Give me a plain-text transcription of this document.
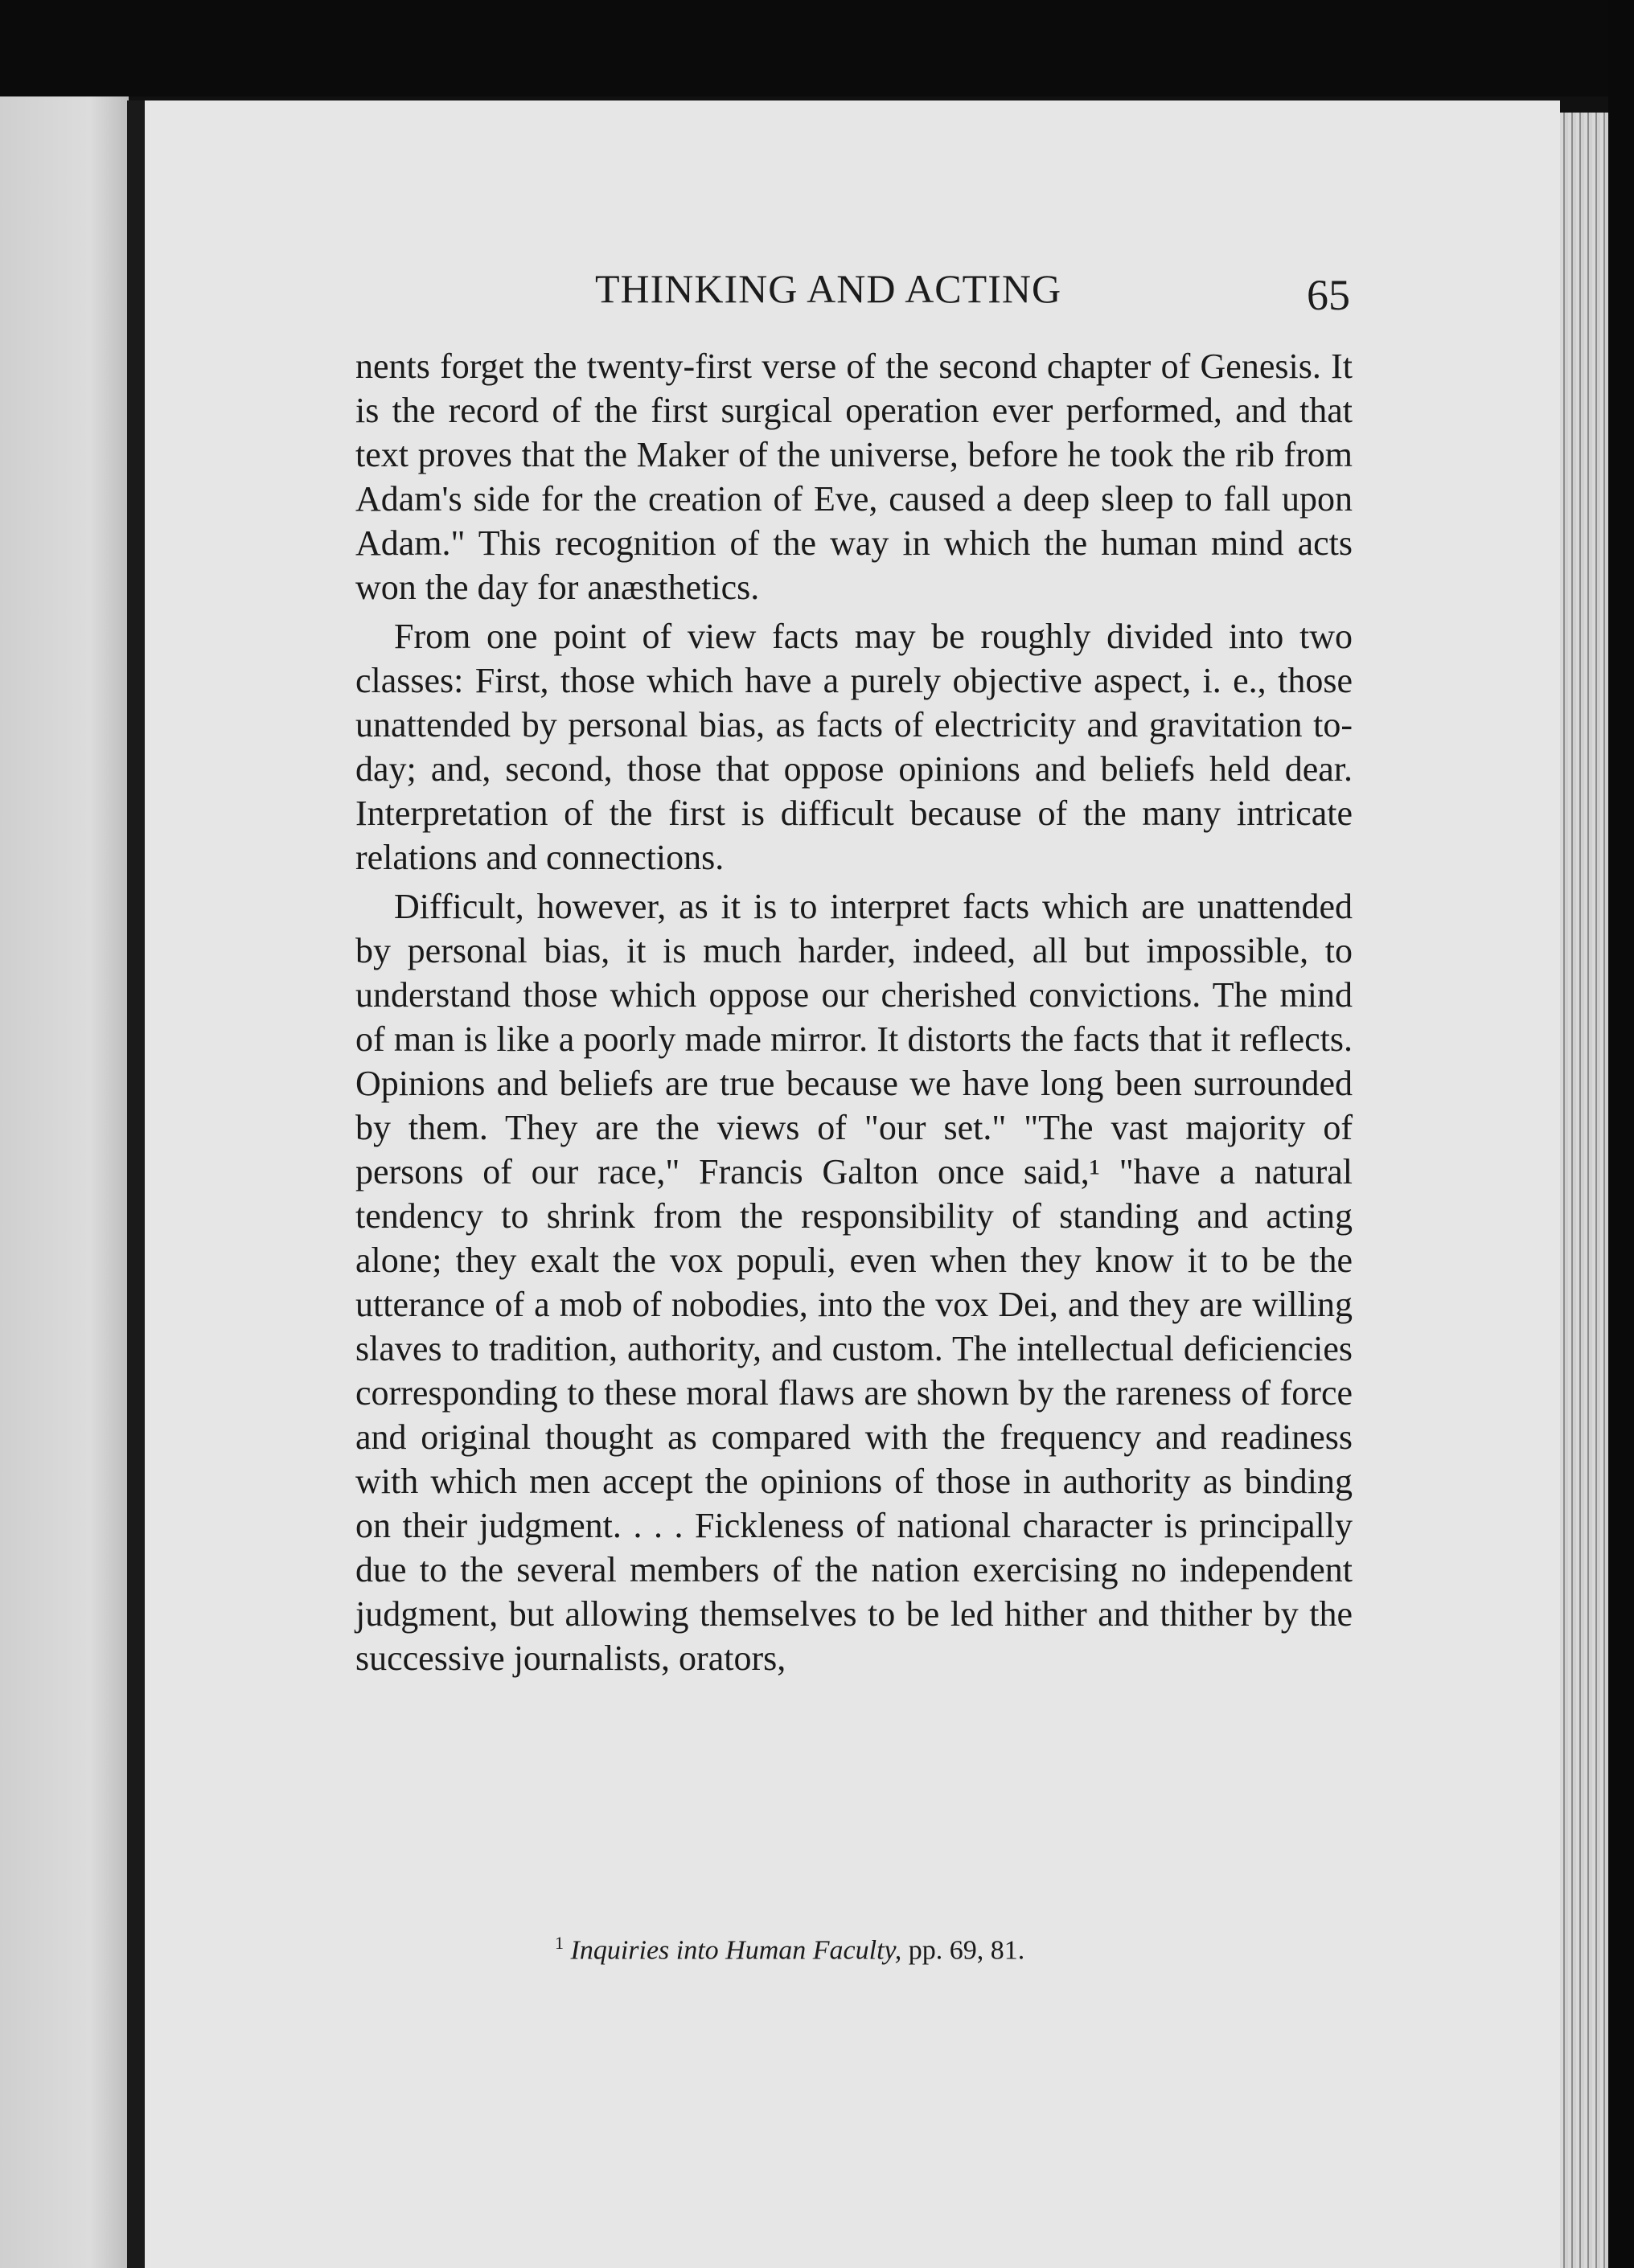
THINKING AND ACTING	65

nents forget the twenty-first verse of the second chapter of Genesis. It is the record of the first surgical operation ever performed, and that text proves that the Maker of the universe, before he took the rib from Adam's side for the creation of Eve, caused a deep sleep to fall upon Adam." This recognition of the way in which the human mind acts won the day for anæsthetics.

From one point of view facts may be roughly divided into two classes: First, those which have a purely objective aspect, i. e., those unattended by personal bias, as facts of electricity and gravitation to-day; and, second, those that oppose opinions and beliefs held dear. Interpretation of the first is difficult because of the many intricate relations and connections.

Difficult, however, as it is to interpret facts which are unattended by personal bias, it is much harder, indeed, all but impossible, to understand those which oppose our cherished convictions. The mind of man is like a poorly made mirror. It distorts the facts that it reflects. Opinions and beliefs are true because we have long been surrounded by them. They are the views of "our set." "The vast majority of persons of our race," Francis Galton once said,¹ "have a natural tendency to shrink from the responsibility of standing and acting alone; they exalt the vox populi, even when they know it to be the utterance of a mob of nobodies, into the vox Dei, and they are willing slaves to tradition, authority, and custom. The intellectual deficiencies corresponding to these moral flaws are shown by the rareness of force and original thought as compared with the frequency and readiness with which men accept the opinions of those in authority as binding on their judgment. . . . Fickleness of national character is principally due to the several members of the nation exercising no independent judgment, but allowing themselves to be led hither and thither by the successive journalists, orators,

$^1$ Inquiries into Human Faculty, pp. 69, 81.
